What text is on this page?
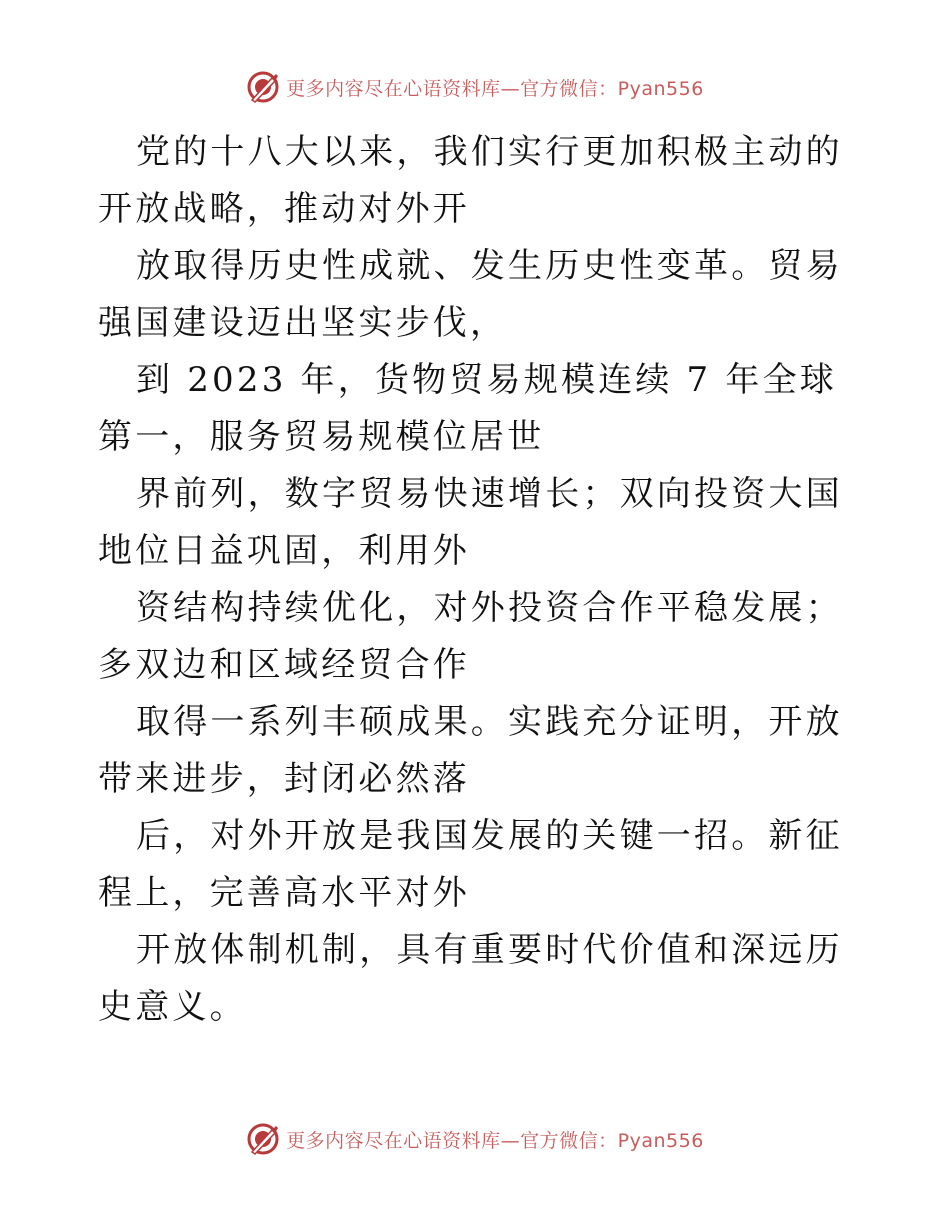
更多内容尽在心语资料库—官方微信：Pyan556

党的十八大以来，我们实行更加积极主动的开放战略，推动对外开

放取得历史性成就、发生历史性变革。贸易强国建设迈出坚实步伐，

到 2023 年，货物贸易规模连续 7 年全球第一，服务贸易规模位居世

界前列，数字贸易快速增长；双向投资大国地位日益巩固，利用外

资结构持续优化，对外投资合作平稳发展；多双边和区域经贸合作

取得一系列丰硕成果。实践充分证明，开放带来进步，封闭必然落

后，对外开放是我国发展的关键一招。新征程上，完善高水平对外

开放体制机制，具有重要时代价值和深远历史意义。

更多内容尽在心语资料库—官方微信：Pyan556
